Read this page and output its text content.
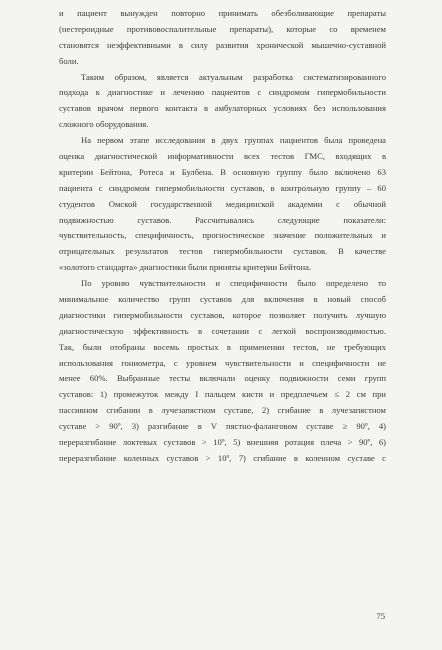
и пациент вынужден повторно принимать обезболивающие препараты
(нестероидные противовоспалительные препараты), которые со временем
становятся неэффективными в силу развития хронической мышечно-суставной
боли.
Таким образом, является актуальным разработка систематизированного
подхода к диагностике и лечению пациентов с синдромом гипермобильности
суставов врачом первого контакта в амбулаторных условиях без использования
сложного оборудования.
На первом этапе исследования в двух группах пациентов была проведена
оценка диагностической информативности всех тестов ГМС, входящих в
критерии Бейтона, Ротеса и Булбена. В основную группу было включено 63
пациента с синдромом гипермобильности суставов, в контрольную группу – 60
студентов Омской государственной медицинской академии с обычной
подвижностью суставов. Рассчитывались следующие показатели:
чувствительность, специфичность, прогностическое значение положительных и
отрицательных результатов тестов гипермобильности суставов. В качестве
«золотого стандарта» диагностики были приняты критерии Бейтона.
По уровню чувствительности и специфичности было определено то
минимальное количество групп суставов для включения в новый способ
диагностики гипермобильности суставов, которое позволяет получить лучшую
диагностическую эффективность в сочетании с легкой воспроизводимостью.
Так, были отобраны восемь простых в применении тестов, не требующих
использования гониометра, с уровнем чувствительности и специфичности не
менее 60%. Выбранные тесты включали оценку подвижности семи групп
суставов: 1) промежуток между I пальцем кисти и предплечьем ≤ 2 см при
пассивном сгибании в лучезапястном суставе, 2) сгибание в лучезапястном
суставе > 90º, 3) разгибание в V пястно-фаланговом суставе ≥ 90º, 4)
переразгибание локтевых суставов > 10º, 5) внешняя ротация плеча > 90º, 6)
переразгибание коленных суставов > 10º, 7) сгибание в коленном суставе с
75
